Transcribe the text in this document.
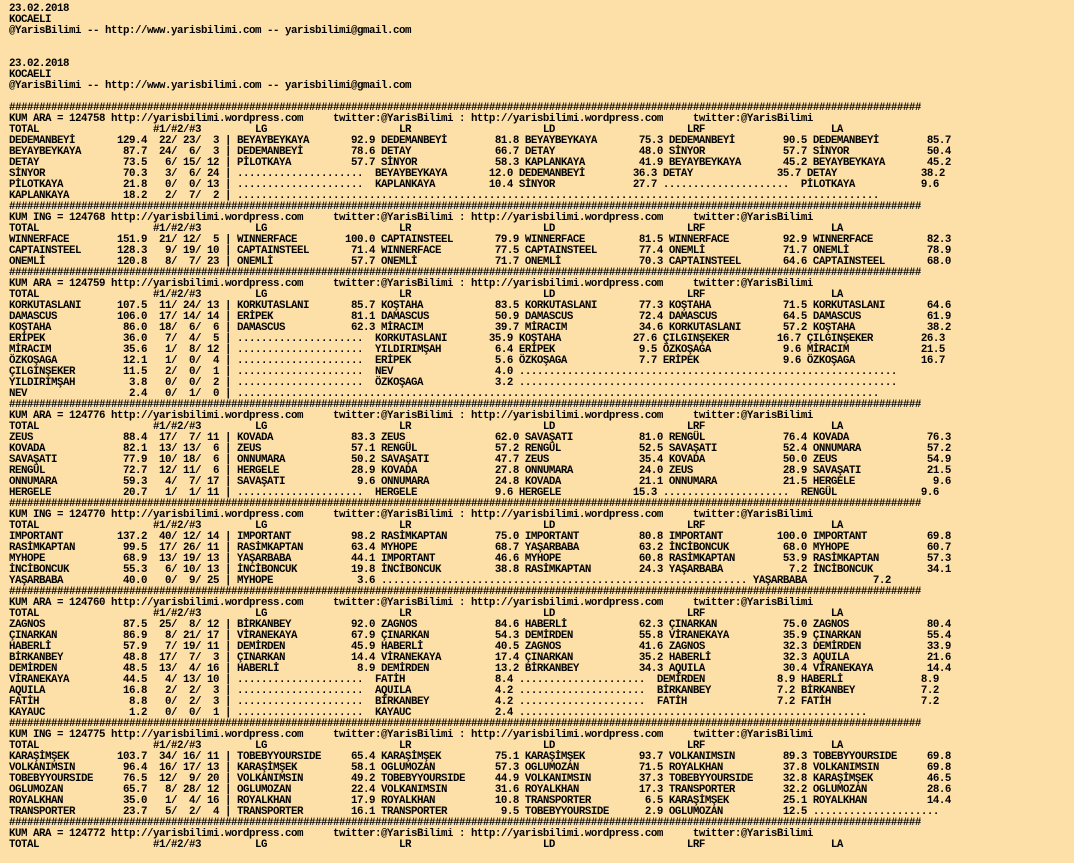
23.02.2018
KOCAELI
@YarisBilimi -- http://www.yarisbilimi.com -- yarisbilimi@gmail.com

23.02.2018
KOCAELI
@YarisBilimi -- http://www.yarisbilimi.com -- yarisbilimi@gmail.com

########################################################################################################################################################
KUM ARA = 124758 http://yarisbilimi.wordpress.com     twitter:@YarisBilimi : http://yarisbilimi.wordpress.com     twitter:@YarisBilimi
TOTAL                   #1/#2/#3         LG                      LR                      LD                      LRF                     LA
DEDEMANBEYİ       129.4  22/ 23/  3 | BEYAYBEYKAYA       92.9 DEDEMANBEYİ        81.8 BEYAYBEYKAYA       75.3 DEDEMANBEYİ        90.5 DEDEMANBEYİ        85.7
BEYAYBEYKAYA       87.7  24/  6/  3 | DEDEMANBEYİ        78.6 DETAY              66.7 DETAY              48.0 SİNYOR             57.7 SİNYOR             50.4
DETAY              73.5   6/ 15/ 12 | PİLOTKAYA          57.7 SİNYOR             58.3 KAPLANKAYA         41.9 BEYAYBEYKAYA       45.2 BEYAYBEYKAYA       45.2
SİNYOR             70.3   3/  6/ 24 | .....................  BEYAYBEYKAYA       12.0 DEDEMANBEYİ        36.3 DETAY              35.7 DETAY              38.2
PİLOTKAYA          21.8   0/  0/ 13 | .....................  KAPLANKAYA         10.4 SİNYOR             27.7 .....................  PİLOTKAYA           9.6
KAPLANKAYA         18.2   2/  7/  2 | ...........................................................................................................
########################################################################################################################################################
KUM ING = 124768 http://yarisbilimi.wordpress.com     twitter:@YarisBilimi : http://yarisbilimi.wordpress.com     twitter:@YarisBilimi
TOTAL                   #1/#2/#3         LG                      LR                      LD                      LRF                     LA
WINNERFACE        151.9  21/ 12/  5 | WINNERFACE        100.0 CAPTAINSTEEL       79.9 WINNERFACE         81.5 WINNERFACE         92.9 WINNERFACE         82.3
CAPTAINSTEEL      128.3   9/ 19/ 10 | CAPTAINSTEEL       71.4 WINNERFACE         77.5 CAPTAINSTEEL       77.4 ONEMLİ             71.7 ONEMLİ             78.9
ONEMLİ            120.8   8/  7/ 23 | ONEMLİ             57.7 ONEMLİ             71.7 ONEMLİ             70.3 CAPTAINSTEEL       64.6 CAPTAINSTEEL       68.0
########################################################################################################################################################
KUM ARA = 124759 http://yarisbilimi.wordpress.com     twitter:@YarisBilimi : http://yarisbilimi.wordpress.com     twitter:@YarisBilimi
TOTAL                   #1/#2/#3         LG                      LR                      LD                      LRF                     LA
KORKUTASLANI      107.5  11/ 24/ 13 | KORKUTASLANI       85.7 KOŞTAHA            83.5 KORKUTASLANI       77.3 KOŞTAHA            71.5 KORKUTASLANI       64.6
DAMASCUS          106.0  17/ 14/ 14 | ERİPEK             81.1 DAMASCUS           50.9 DAMASCUS           72.4 DAMASCUS           64.5 DAMASCUS           61.9
KOŞTAHA            86.0  18/  6/  6 | DAMASCUS           62.3 MİRACIM            39.7 MİRACIM            34.6 KORKUTASLANI       57.2 KOŞTAHA            38.2
ERİPEK             36.0   7/  4/  5 | .....................  KORKUTASLANI       35.9 KOŞTAHA            27.6 ÇILGINŞEKER        16.7 ÇILGINŞEKER        26.3
MİRACIM            35.6   1/  8/ 12 | .....................  YILDIRIMŞAH         6.4 ERİPEK              9.5 ÖZKOŞAGA            9.6 MİRACIM            21.5
ÖZKOŞAGA           12.1   1/  0/  4 | .....................  ERİPEK              5.6 ÖZKOŞAGA            7.7 ERİPEK              9.6 ÖZKOŞAGA           16.7
ÇILGINŞEKER        11.5   2/  0/  1 | .....................  NEV                 4.0 ...............................................................
YILDIRIMŞAH         3.8   0/  0/  2 | .....................  ÖZKOŞAGA            3.2 ...............................................................
NEV                 2.4   0/  1/  0 | ...........................................................................................................
########################################################################################################################################################
KUM ARA = 124776 http://yarisbilimi.wordpress.com     twitter:@YarisBilimi : http://yarisbilimi.wordpress.com     twitter:@YarisBilimi
TOTAL                   #1/#2/#3         LG                      LR                      LD                      LRF                     LA
ZEUS               88.4  17/  7/ 11 | KOVADA             83.3 ZEUS               62.0 SAVAŞATI           81.0 RENGÜL             76.4 KOVADA             76.3
KOVADA             82.1  13/ 13/  6 | ZEUS               57.1 RENGÜL             57.2 RENGÜL             52.5 SAVAŞATI           52.4 ONNUMARA           57.2
SAVAŞATI           77.9  10/ 18/  6 | ONNUMARA           50.2 SAVAŞATI           47.7 ZEUS               35.4 KOVADA             50.0 ZEUS               54.9
RENGÜL             72.7  12/ 11/  6 | HERGELE            28.9 KOVADA             27.8 ONNUMARA           24.0 ZEUS               28.9 SAVAŞATI           21.5
ONNUMARA           59.3   4/  7/ 17 | SAVAŞATI            9.6 ONNUMARA           24.8 KOVADA             21.1 ONNUMARA           21.5 HERGELE             9.6
HERGELE            20.7   1/  1/ 11 | .....................  HERGELE             9.6 HERGELE            15.3 .....................  RENGÜL              9.6
########################################################################################################################################################
KUM ING = 124770 http://yarisbilimi.wordpress.com     twitter:@YarisBilimi : http://yarisbilimi.wordpress.com     twitter:@YarisBilimi
TOTAL                   #1/#2/#3         LG                      LR                      LD                      LRF                     LA
IMPORTANT         137.2  40/ 12/ 14 | IMPORTANT          98.2 RASİMKAPTAN        75.0 IMPORTANT          80.8 IMPORTANT         100.0 IMPORTANT          69.8
RASİMKAPTAN        99.5  17/ 26/ 11 | RASİMKAPTAN        63.4 MYHOPE             68.7 YAŞARBABA          63.2 İNCİBONCUK         68.0 MYHOPE             60.7
MYHOPE             68.9  13/ 19/ 13 | YAŞARBABA          44.1 IMPORTANT          46.6 MYHOPE             60.8 RASİMKAPTAN        53.9 RASİMKAPTAN        57.3
İNCİBONCUK         55.3   6/ 10/ 13 | İNCİBONCUK         19.8 İNCİBONCUK         38.8 RASİMKAPTAN        24.3 YAŞARBABA           7.2 İNCİBONCUK         34.1
YAŞARBABA          40.0   0/  9/ 25 | MYHOPE              3.6 ............................................................. YAŞARBABA           7.2
########################################################################################################################################################
KUM ARA = 124760 http://yarisbilimi.wordpress.com     twitter:@YarisBilimi : http://yarisbilimi.wordpress.com     twitter:@YarisBilimi
TOTAL                   #1/#2/#3         LG                      LR                      LD                      LRF                     LA
ZAGNOS             87.5  25/  8/ 12 | BİRKANBEY          92.0 ZAGNOS             84.6 HABERLİ            62.3 ÇINARKAN           75.0 ZAGNOS             80.4
ÇINARKAN           86.9   8/ 21/ 17 | VİRANEKAYA         67.9 ÇINARKAN           54.3 DEMİRDEN           55.8 VİRANEKAYA         35.9 ÇINARKAN           55.4
HABERLİ            57.9   7/ 19/ 11 | DEMİRDEN           45.9 HABERLİ            40.5 ZAGNOS             41.6 ZAGNOS             32.3 DEMİRDEN           33.9
BİRKANBEY          48.8  17/  7/  3 | ÇINARKAN           14.4 VİRANEKAYA         17.4 ÇINARKAN           35.2 HABERLİ            32.3 AQUILA             21.6
DEMİRDEN           48.5  13/  4/ 16 | HABERLİ             8.9 DEMİRDEN           13.2 BİRKANBEY          34.3 AQUILA             30.4 VİRANEKAYA         14.4
VİRANEKAYA         44.5   4/ 13/ 10 | .....................  FATİH               8.4 .....................  DEMİRDEN            8.9 HABERLİ             8.9
AQUILA             16.8   2/  2/  3 | .....................  AQUILA              4.2 .....................  BİRKANBEY           7.2 BİRKANBEY           7.2
FATİH               8.8   0/  2/  3 | .....................  BİRKANBEY           4.2 .....................  FATİH               7.2 FATİH               7.2
KAYAUC              1.2   0/  0/  1 | .....................  KAYAUC              2.4 ..........................................................
########################################################################################################################################################
KUM ING = 124775 http://yarisbilimi.wordpress.com     twitter:@YarisBilimi : http://yarisbilimi.wordpress.com     twitter:@YarisBilimi
TOTAL                   #1/#2/#3         LG                      LR                      LD                      LRF                     LA
KARAŞİMŞEK        103.7  34/ 16/ 11 | TOBEBYYOURSIDE     65.4 KARAŞİMŞEK         75.1 KARAŞİMŞEK         93.7 VOLKANIMSIN        89.3 TOBEBYYOURSIDE     69.8
VOLKANIMSIN        96.4  16/ 17/ 13 | KARAŞİMŞEK         58.1 OGLUMOZAN          57.3 OGLUMOZAN          71.5 ROYALKHAN          37.8 VOLKANIMSIN        69.8
TOBEBYYOURSIDE     76.5  12/  9/ 20 | VOLKANIMSIN        49.2 TOBEBYYOURSIDE     44.9 VOLKANIMSIN        37.3 TOBEBYYOURSIDE     32.8 KARAŞİMŞEK         46.5
OGLUMOZAN          65.7   8/ 28/ 12 | OGLUMOZAN          22.4 VOLKANIMSIN        31.6 ROYALKHAN          17.3 TRANSPORTER        32.2 OGLUMOZAN          28.6
ROYALKHAN          35.0   1/  4/ 16 | ROYALKHAN          17.9 ROYALKHAN          10.8 TRANSPORTER         6.5 KARAŞİMŞEK         25.1 ROYALKHAN          14.4
TRANSPORTER        23.7   5/  2/  4 | TRANSPORTER        16.1 TRANSPORTER         9.5 TOBEBYYOURSIDE      2.9 OGLUMOZAN          12.5 .....................
########################################################################################################################################################
KUM ARA = 124772 http://yarisbilimi.wordpress.com     twitter:@YarisBilimi : http://yarisbilimi.wordpress.com     twitter:@YarisBilimi
TOTAL                   #1/#2/#3         LG                      LR                      LD                      LRF                     LA
